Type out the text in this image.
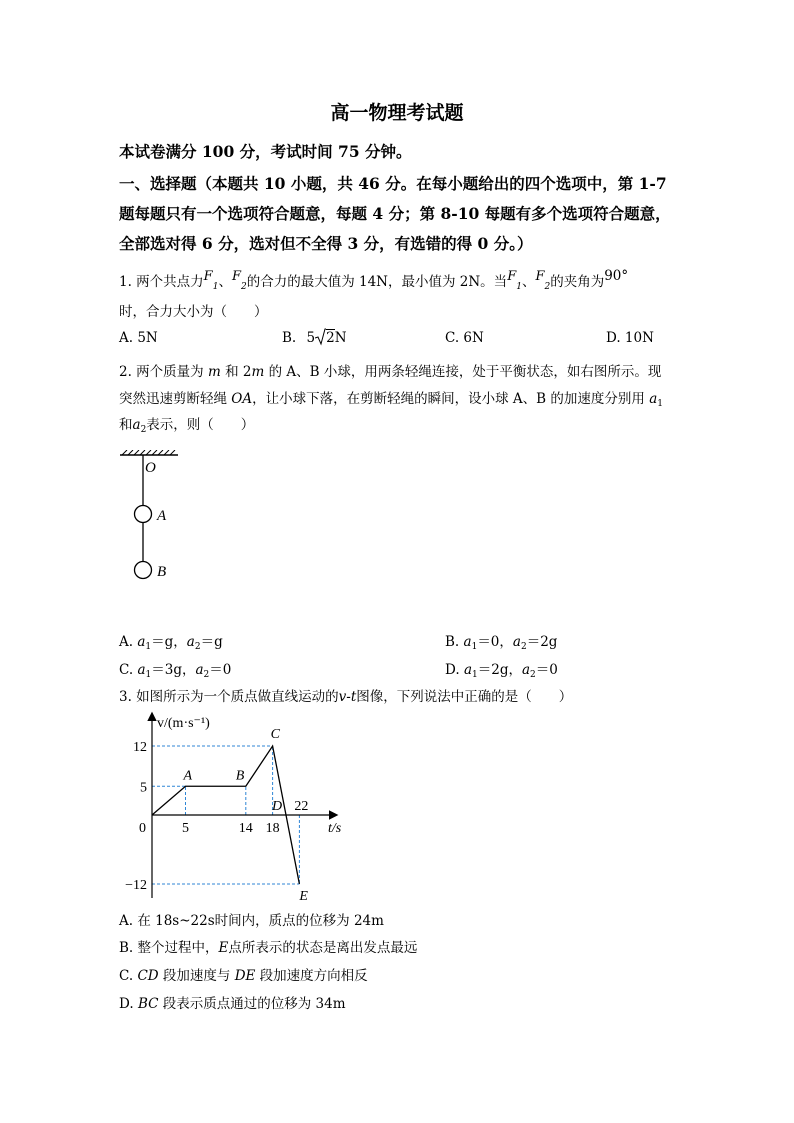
高一物理考试题
本试卷满分 100 分，考试时间 75 分钟。
一、选择题（本题共 10 小题，共 46 分。在每小题给出的四个选项中，第 1-7
题每题只有一个选项符合题意，每题 4 分；第 8-10 每题有多个选项符合题意，
全部选对得 6 分，选对但不全得 3 分，有选错的得 0 分。）
1. 两个共点力$F_1$、$F_2$的合力的最大值为 14N，最小值为 2N。当$F_1$、$F_2$的夹角为90°
时，合力大小为（　　）
A. 5N	B. 5 2N	C. 6N	D. 10N
2. 两个质量为 m 和 2m 的 A、B 小球，用两条轻绳连接，处于平衡状态，如右图所示。现
突然迅速剪断轻绳 OA，让小球下落，在剪断轻绳的瞬间，设小球 A、B 的加速度分别用 $a_1$
和$a_2$表示，则（　　）
O
A
B
A. $a_1=g$，$a_2=g$	B. $a_1=0$，$a_2=2g$
C. $a_1=3g$，$a_2=0$	D. $a_1=2g$，$a_2=0$
3. 如图所示为一个质点做直线运动的v-t图像，下列说法中正确的是（　　）
12
5
−12
5	14 18
22
0
A	B
C
E
D
v/(m·s⁻¹)
t/s
A. 在 18s~22s时间内，质点的位移为 24m
B. 整个过程中，E点所表示的状态是离出发点最远
C. CD 段加速度与 DE 段加速度方向相反
D. BC 段表示质点通过的位移为 34m
